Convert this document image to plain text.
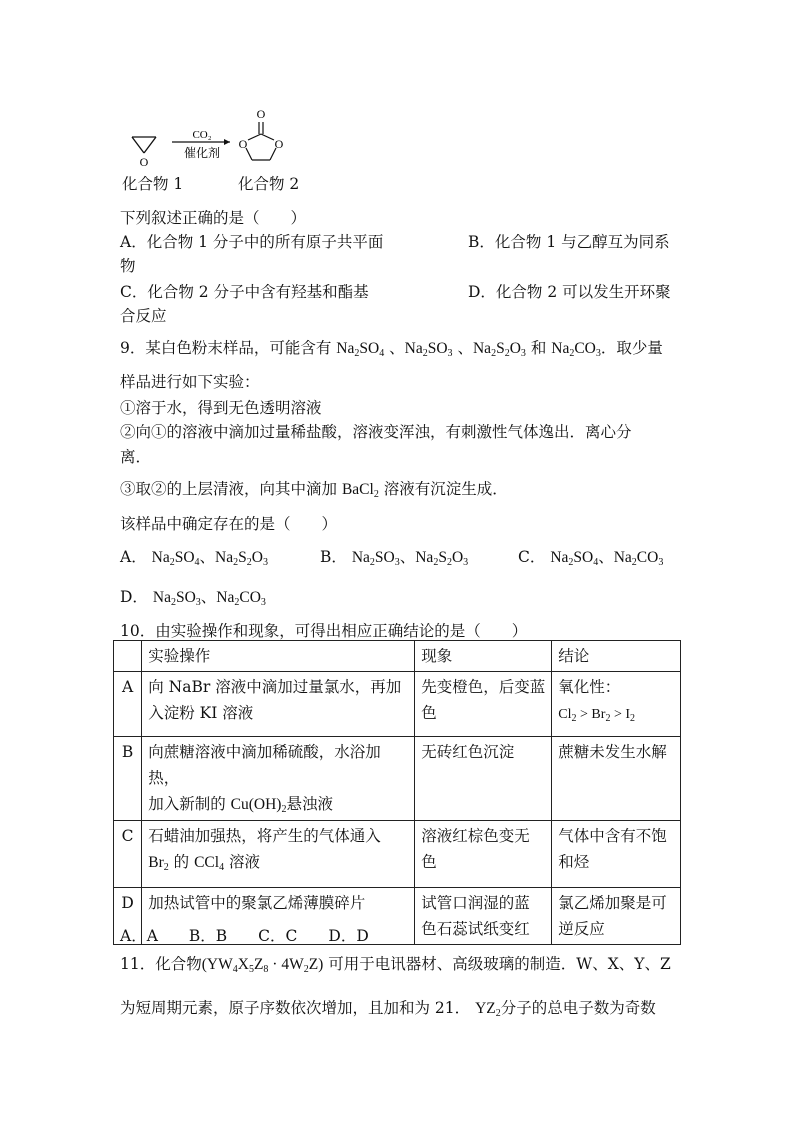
O
CO₂
催化剂
O
O O
化合物 1	化合物 2
下列叙述正确的是（　　）
A．化合物 1 分子中的所有原子共平面	B．化合物 1 与乙醇互为同系
物
C．化合物 2 分子中含有羟基和酯基	D．化合物 2 可以发生开环聚
合反应
9．某白色粉末样品，可能含有 $Na_2SO_4$ 、$Na_2SO_3$ 、$Na_2S_2O_3$ 和 $Na_2CO_3$．取少量
样品进行如下实验：
①溶于水，得到无色透明溶液
②向①的溶液中滴加过量稀盐酸，溶液变浑浊，有刺激性气体逸出．离心分
离．
③取②的上层清液，向其中滴加 BaCl$_2$ 溶液有沉淀生成．
该样品中确定存在的是（　　）
A． $Na_2SO_4$、$Na_2S_2O_3$	B． $Na_2SO_3$、$Na_2S_2O_3$	C． $Na_2SO_4$、$Na_2CO_3$
D． $Na_2SO_3$、$Na_2CO_3$
10．由实验操作和现象，可得出相应正确结论的是（　　）
	实验操作	现象	结论
A	向 NaBr 溶液中滴加过量氯水，再加
入淀粉 KI 溶液	先变橙色，后变蓝
色	氧化性：
$Cl_2 > Br_2 > I_2$
B	向蔗糖溶液中滴加稀硫酸，水浴加热，
加入新制的 $Cu(OH)_2$悬浊液	无砖红色沉淀	蔗糖未发生水解
C	石蜡油加强热，将产生的气体通入
$Br_2$ 的 CCl$_4$ 溶液	溶液红棕色变无
色	气体中含有不饱
和烃
D	加热试管中的聚氯乙烯薄膜碎片	试管口润湿的蓝
色石蕊试纸变红	氯乙烯加聚是可
逆反应
A．A　　B．B　　C．C　　D．D
11．化合物$(YW_4X_5Z_8 \cdot 4W_2Z)$ 可用于电讯器材、高级玻璃的制造．W、X、Y、Z
为短周期元素，原子序数依次增加，且加和为 21． $YZ_2$分子的总电子数为奇数
